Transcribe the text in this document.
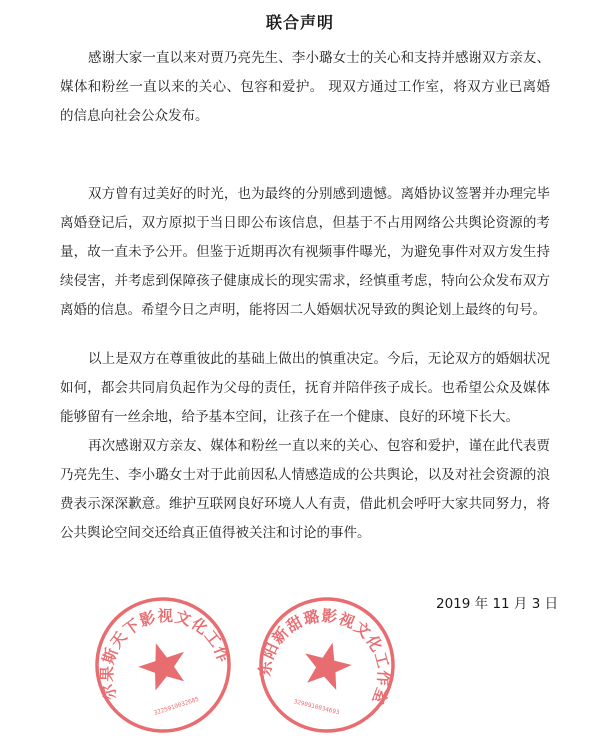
联合声明

感谢大家一直以来对贾乃亮先生、李小璐女士的关心和支持并感谢双方亲友、媒体和粉丝一直以来的关心、包容和爱护。 现双方通过工作室，将双方业已离婚的信息向社会公众发布。

双方曾有过美好的时光，也为最终的分别感到遗憾。离婚协议签署并办理完毕离婚登记后，双方原拟于当日即公布该信息，但基于不占用网络公共舆论资源的考量，故一直未予公开。但鉴于近期再次有视频事件曝光，为避免事件对双方发生持续侵害，并考虑到保障孩子健康成长的现实需求，经慎重考虑，特向公众发布双方离婚的信息。希望今日之声明，能将因二人婚姻状况导致的舆论划上最终的句号。

以上是双方在尊重彼此的基础上做出的慎重决定。今后，无论双方的婚姻状况如何，都会共同肩负起作为父母的责任，抚育并陪伴孩子成长。也希望公众及媒体能够留有一丝余地，给予基本空间，让孩子在一个健康、良好的环境下长大。

再次感谢双方亲友、媒体和粉丝一直以来的关心、包容和爱护，谨在此代表贾乃亮先生、李小璐女士对于此前因私人情感造成的公共舆论，以及对社会资源的浪费表示深深歉意。维护互联网良好环境人人有责，借此机会呼吁大家共同努力，将公共舆论空间交还给真正值得被关注和讨论的事件。

2019 年 11 月 3 日
霍尔果斯天下影视文化工作室
3225910032685
东阳新甜璐影视文化工作室
3290910034693
